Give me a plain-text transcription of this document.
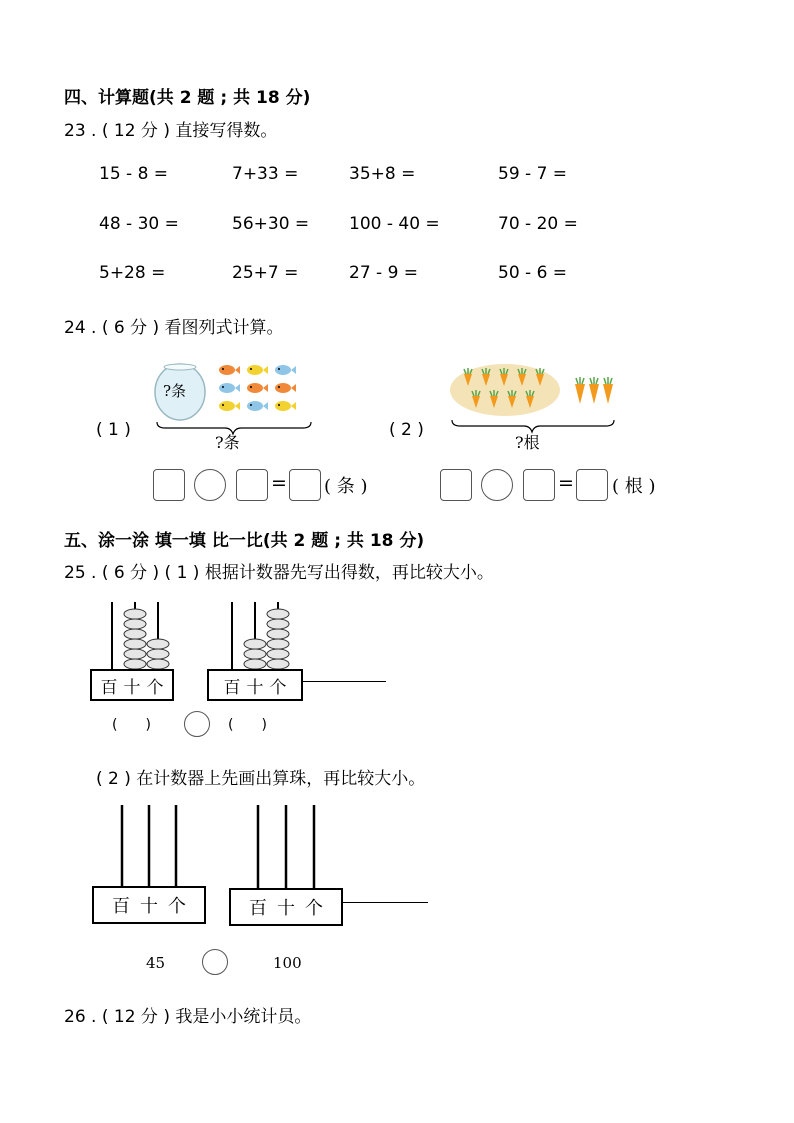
四、计算题(共 2 题 ; 共 18 分)
23 . ( 12 分 ) 直接写得数。
15 - 8 =	7+33 =	35+8 =	59 - 7 =
48 - 30 =	56+30 = 100 - 40 =	70 - 20 =
5+28 =	25+7 =	27 - 9 =	50 - 6 =
24 . ( 6 分 ) 看图列式计算。
( 1 )
?条
?条
( 2 )
?根
= ( 条 )	= ( 根 )
五、涂一涂 填一填 比一比(共 2 题 ; 共 18 分)
25 . ( 6 分 ) ( 1 ) 根据计数器先写出得数，再比较大小。
百 十 个	百 十 个
(　　)	(　　)
( 2 ) 在计数器上先画出算珠，再比较大小。
百 十 个	百 十 个
45	100
26 . ( 12 分 ) 我是小小统计员。
